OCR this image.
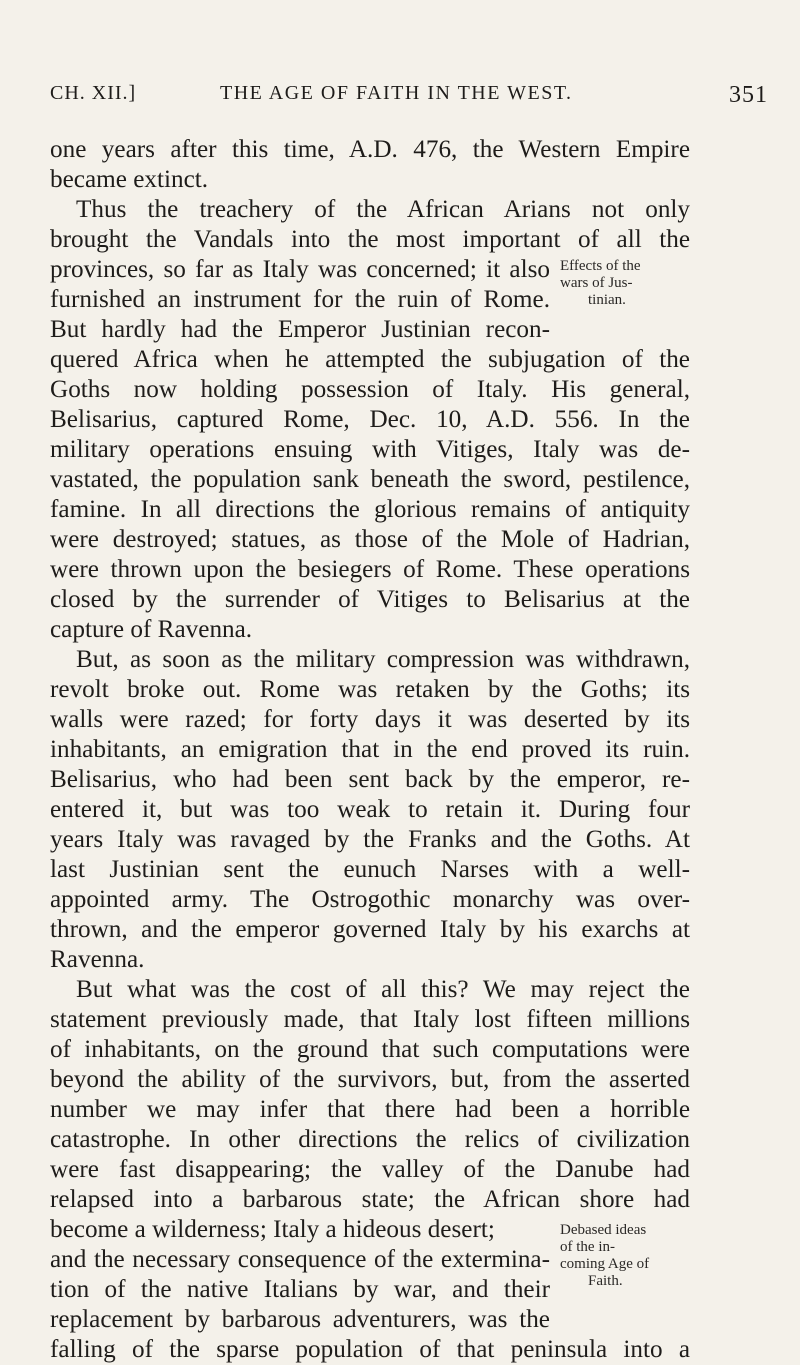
CH. XII.]	THE AGE OF FAITH IN THE WEST.	351
one years after this time, A.D. 476, the Western Empire
became extinct.
Thus the treachery of the African Arians not only
brought the Vandals into the most important of all the
provinces, so far as Italy was concerned; it also
furnished an instrument for the ruin of Rome.
But hardly had the Emperor Justinian recon-
quered Africa when he attempted the subjugation of the
Goths now holding possession of Italy. His general,
Belisarius, captured Rome, Dec. 10, A.D. 556. In the
military operations ensuing with Vitiges, Italy was de-
vastated, the population sank beneath the sword, pestilence,
famine. In all directions the glorious remains of antiquity
were destroyed; statues, as those of the Mole of Hadrian,
were thrown upon the besiegers of Rome. These operations
closed by the surrender of Vitiges to Belisarius at the
capture of Ravenna.
But, as soon as the military compression was withdrawn,
revolt broke out. Rome was retaken by the Goths; its
walls were razed; for forty days it was deserted by its
inhabitants, an emigration that in the end proved its ruin.
Belisarius, who had been sent back by the emperor, re-
entered it, but was too weak to retain it. During four
years Italy was ravaged by the Franks and the Goths. At
last Justinian sent the eunuch Narses with a well-
appointed army. The Ostrogothic monarchy was over-
thrown, and the emperor governed Italy by his exarchs at
Ravenna.
But what was the cost of all this? We may reject the
statement previously made, that Italy lost fifteen millions
of inhabitants, on the ground that such computations were
beyond the ability of the survivors, but, from the asserted
number we may infer that there had been a horrible
catastrophe. In other directions the relics of civilization
were fast disappearing; the valley of the Danube had
relapsed into a barbarous state; the African shore had
become a wilderness; Italy a hideous desert;
and the necessary consequence of the extermina-
tion of the native Italians by war, and their
replacement by barbarous adventurers, was the
falling of the sparse population of that peninsula into a
Effects of the
wars of Jus-
tinian.
Debased ideas
of the in-
coming Age of
Faith.
